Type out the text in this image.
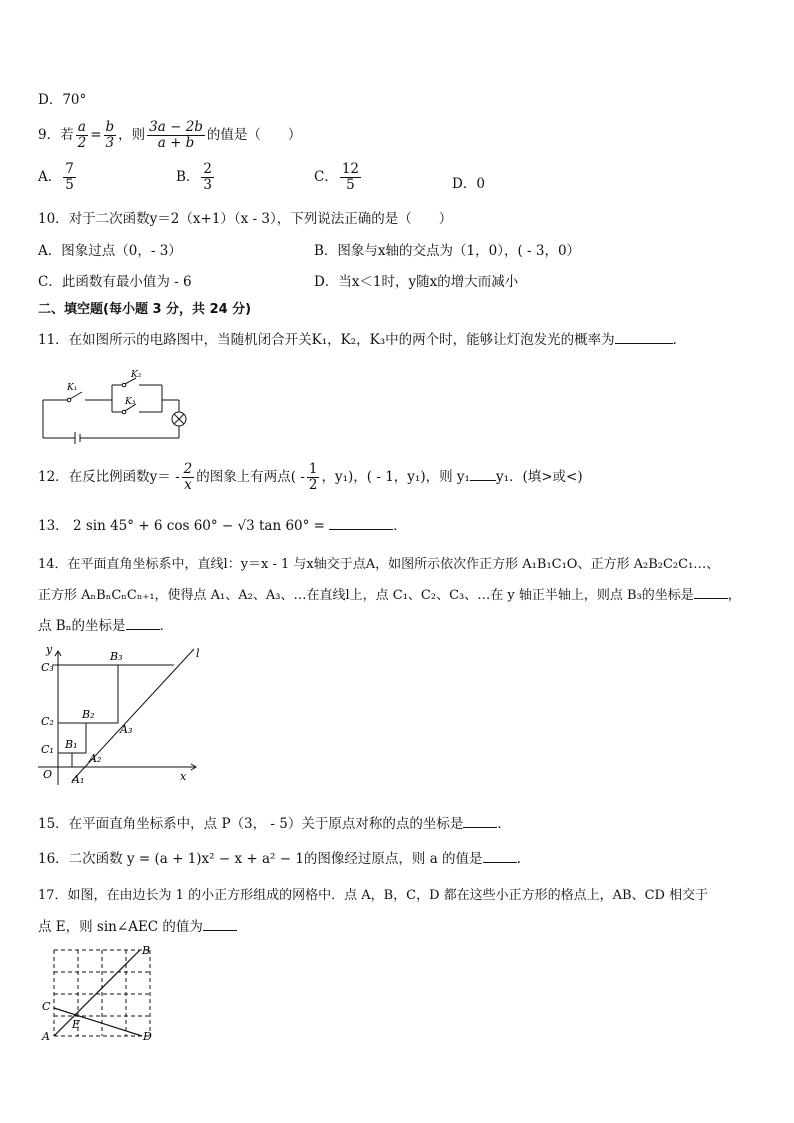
D．70°
9．若 $\frac{a}{2} = \frac{b}{3}$ ，则 $\frac{3a - 2b}{a + b}$ 的值是（　　）
A． $\frac{7}{5}$	B． $\frac{2}{3}$	C． $\frac{12}{5}$	D．0
10．对于二次函数y＝2（x+1）（x - 3），下列说法正确的是（　　）
A．图象过点（0，- 3）	B．图象与x轴的交点为（1，0），( - 3，0）
C．此函数有最小值为 - 6	D．当x＜1时，y随x的增大而减小
二、填空题(每小题 3 分，共 24 分)
11．在如图所示的电路图中，当随机闭合开关K₁，K₂，K₃中的两个时，能够让灯泡发光的概率为	．
K₁
K₂
K₃
12．在反比例函数$y= - \frac{2}{x}$ 的图象上有两点( - $\frac{1}{2}$ ，y₁)，( - 1，y₁)，则 y₁ y₁．(填>或<)
13． 2 sin 45° + 6 cos 60° − √3 tan 60° =	．
14．在平面直角坐标系中，直线l：y＝x - 1 与x轴交于点A，如图所示依次作正方形 A₁B₁C₁O、正方形 A₂B₂C₂C₁…、
正方形 AₙBₙCₙCₙ₊₁，使得点 A₁、A₂、A₃、…在直线l上，点 C₁、C₂、C₃、…在 y 轴正半轴上，则点 B₃的坐标是	，
点 Bₙ的坐标是	．
y	l
x
O
C₁
C₂
C₃
B₁
B₂
B₃
A₁
A₂
A₃
15．在平面直角坐标系中，点 P（3， - 5）关于原点对称的点的坐标是	．
16．二次函数 y = (a + 1)x² − x + a² − 1的图像经过原点，则 a 的值是	.
17．如图，在由边长为 1 的小正方形组成的网格中．点 A，B，C，D 都在这些小正方形的格点上，AB、CD 相交于
点 E，则 sin∠AEC 的值为
A
B
C
D
E
